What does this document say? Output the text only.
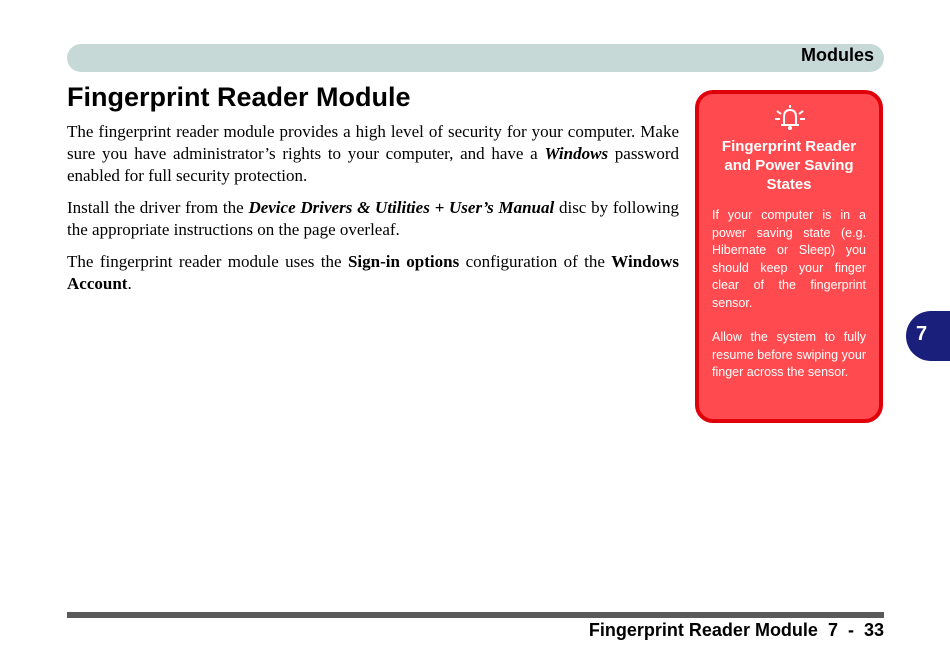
Modules
Fingerprint Reader Module

The fingerprint reader module provides a high level of security for your computer. Make sure you have administrator’s rights to your computer, and have a Windows password enabled for full security protection.

Install the driver from the Device Drivers & Utilities + User’s Manual disc by following the appropriate instructions on the page overleaf.

The fingerprint reader module uses the Sign-in options configuration of the Windows Account.

Fingerprint Reader and Power Saving States

If your computer is in a power saving state (e.g. Hibernate or Sleep) you should keep your finger clear of the fingerprint sensor.

Allow the system to fully resume before swiping your finger across the sensor.

7
Fingerprint Reader Module 7  -  33
